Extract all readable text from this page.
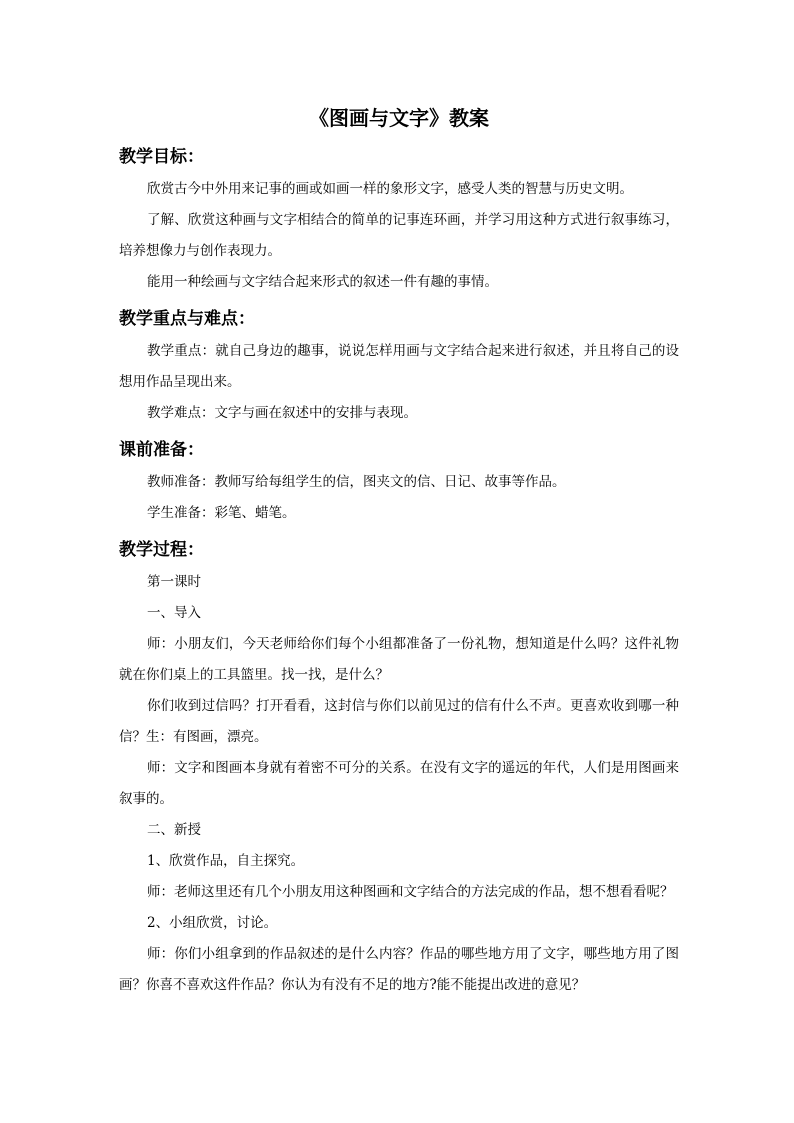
《图画与文字》教案
教学目标：

欣赏古今中外用来记事的画或如画一样的象形文字，感受人类的智慧与历史文明。

了解、欣赏这种画与文字相结合的简单的记事连环画，并学习用这种方式进行叙事练习，培养想像力与创作表现力。

能用一种绘画与文字结合起来形式的叙述一件有趣的事情。

教学重点与难点：

教学重点：就自己身边的趣事，说说怎样用画与文字结合起来进行叙述，并且将自己的设想用作品呈现出来。

教学难点：文字与画在叙述中的安排与表现。

课前准备：

教师准备：教师写给每组学生的信，图夹文的信、日记、故事等作品。

学生准备：彩笔、蜡笔。

教学过程：

第一课时

一、导入

师：小朋友们，今天老师给你们每个小组都准备了一份礼物，想知道是什么吗？这件礼物就在你们桌上的工具篮里。找一找，是什么？

你们收到过信吗？打开看看，这封信与你们以前见过的信有什么不声。更喜欢收到哪一种信？生：有图画，漂亮。

师：文字和图画本身就有着密不可分的关系。在没有文字的遥远的年代，人们是用图画来叙事的。

二、新授

1、欣赏作品，自主探究。

师：老师这里还有几个小朋友用这种图画和文字结合的方法完成的作品，想不想看看呢？

2、小组欣赏，讨论。

师：你们小组拿到的作品叙述的是什么内容？作品的哪些地方用了文字，哪些地方用了图画？你喜不喜欢这件作品？你认为有没有不足的地方?能不能提出改进的意见？
